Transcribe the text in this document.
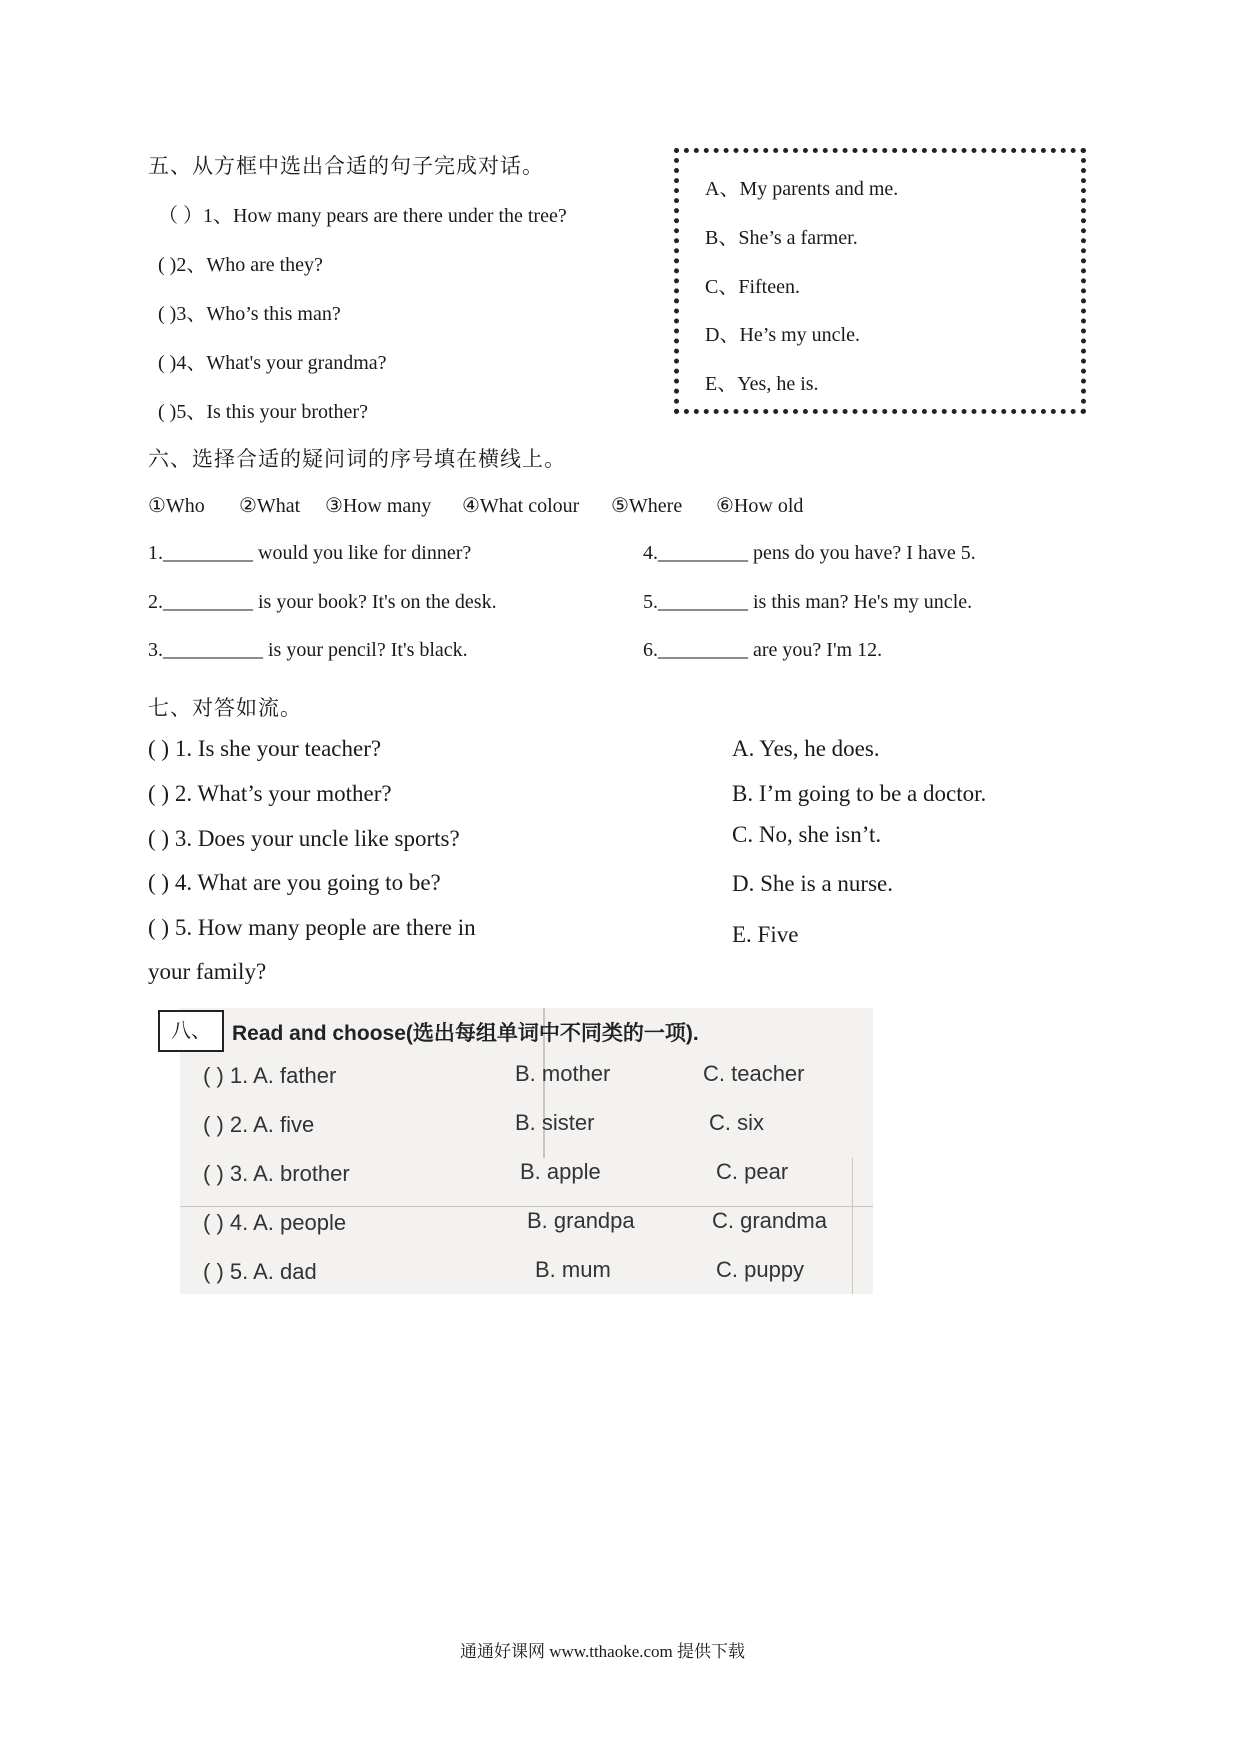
五、从方框中选出合适的句子完成对话。
（ ）1、How many pears are there under the tree?
( )2、Who are they?
( )3、Who’s this man?
( )4、What's your grandma?
( )5、Is this your brother?
A、My parents and me.
B、She’s a farmer.
C、Fifteen.
D、He’s my uncle.
E、Yes, he is.
六、选择合适的疑问词的序号填在横线上。
①Who ②What ③How many ④What colour ⑤Where ⑥How old
1._________ would you like for dinner?
2._________ is your book? It's on the desk.
3.__________ is your pencil? It's black.
4._________ pens do you have? I have 5.
5._________ is this man? He's my uncle.
6._________ are you? I'm 12.
七、对答如流。
( ) 1. Is she your teacher?
( ) 2. What’s your mother?
( ) 3. Does your uncle like sports?
( ) 4. What are you going to be?
( ) 5. How many people are there in
your family?
A. Yes, he does.
B. I’m going to be a doctor.
C. No, she isn’t.
D. She is a nurse.
E. Five
八、	Read and choose(选出每组单词中不同类的一项).
( ) 1. A. father	B. mother	C. teacher
( ) 2. A. five	B. sister	C. six
( ) 3. A. brother	B. apple	C. pear
( ) 4. A. people	B. grandpa	C. grandma
( ) 5. A. dad	B. mum	C. puppy
通通好课网 www.tthaoke.com 提供下载
